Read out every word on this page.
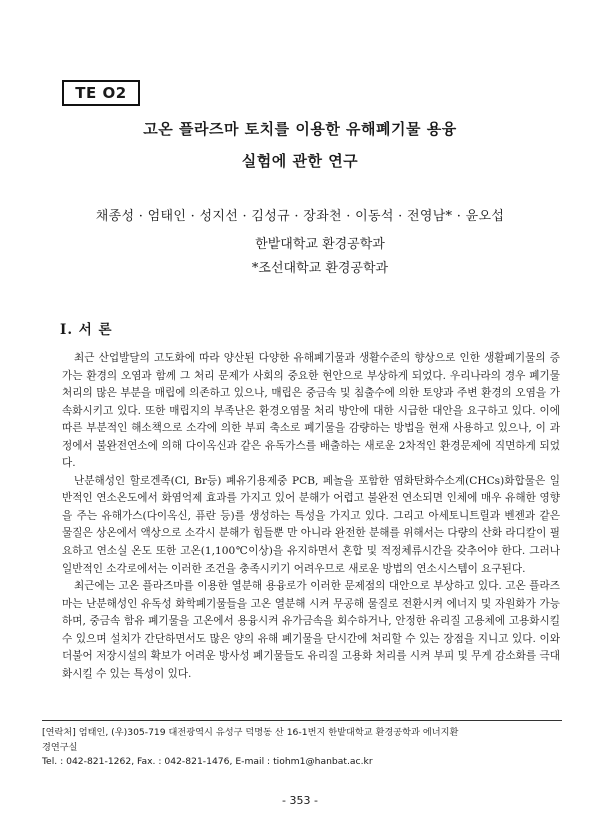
TE O2
고온 플라즈마 토치를 이용한 유해폐기물 용융
실험에 관한 연구
채종성 · 엄태인 · 성지선 · 김성규 · 장좌천 · 이동석 · 전영남* · 윤오섭
한밭대학교 환경공학과
*조선대학교 환경공학과
I. 서 론

최근 산업발달의 고도화에 따라 양산된 다양한 유해폐기물과 생활수준의 향상으로 인한 생활폐기물의 증가는 환경의 오염과 함께 그 처리 문제가 사회의 중요한 현안으로 부상하게 되었다. 우리나라의 경우 폐기물 처리의 많은 부분을 매립에 의존하고 있으나, 매립은 중금속 및 침출수에 의한 토양과 주변 환경의 오염을 가속화시키고 있다. 또한 매립지의 부족난은 환경오염물 처리 방안에 대한 시급한 대안을 요구하고 있다. 이에 따른 부분적인 해소책으로 소각에 의한 부피 축소로 폐기물을 감량하는 방법을 현재 사용하고 있으나, 이 과정에서 불완전연소에 의해 다이옥신과 같은 유독가스를 배출하는 새로운 2차적인 환경문제에 직면하게 되었다.

난분해성인 할로겐족(Cl, Br등) 폐유기용제중 PCB, 페놀을 포함한 염화탄화수소계(CHCs)화합물은 일반적인 연소온도에서 화염억제 효과를 가지고 있어 분해가 어렵고 불완전 연소되면 인체에 매우 유해한 영향을 주는 유해가스(다이옥신, 퓨란 등)를 생성하는 특성을 가지고 있다. 그리고 아세토니트릴과 벤젠과 같은 물질은 상온에서 액상으로 소각시 분해가 힘들뿐 만 아니라 완전한 분해를 위해서는 다량의 산화 라디칼이 필요하고 연소실 온도 또한 고온(1,100℃이상)을 유지하면서 혼합 및 적정체류시간을 갖추어야 한다. 그러나 일반적인 소각로에서는 이러한 조건을 충족시키기 어려우므로 새로운 방법의 연소시스템이 요구된다.

최근에는 고온 플라즈마를 이용한 열분해 용융로가 이러한 문제점의 대안으로 부상하고 있다. 고온 플라즈마는 난분해성인 유독성 화학폐기물들을 고온 열분해 시켜 무공해 물질로 전환시켜 에너지 및 자원화가 가능하며, 중금속 함유 폐기물을 고온에서 용융시켜 유가금속을 회수하거나, 안정한 유리질 고용체에 고용화시킬 수 있으며 설치가 간단하면서도 많은 양의 유해 폐기물을 단시간에 처리할 수 있는 장점을 지니고 있다. 이와 더불어 저장시설의 확보가 어려운 방사성 폐기물들도 유리질 고용화 처리를 시켜 부피 및 무게 감소화를 극대화시킬 수 있는 특성이 있다.

[연락처] 엄태인, (우)305-719 대전광역시 유성구 덕명동 산 16-1번지 한밭대학교 환경공학과 에너지환
경연구실
Tel. : 042-821-1262, Fax. : 042-821-1476, E-mail : tiohm1@hanbat.ac.kr
- 353 -
